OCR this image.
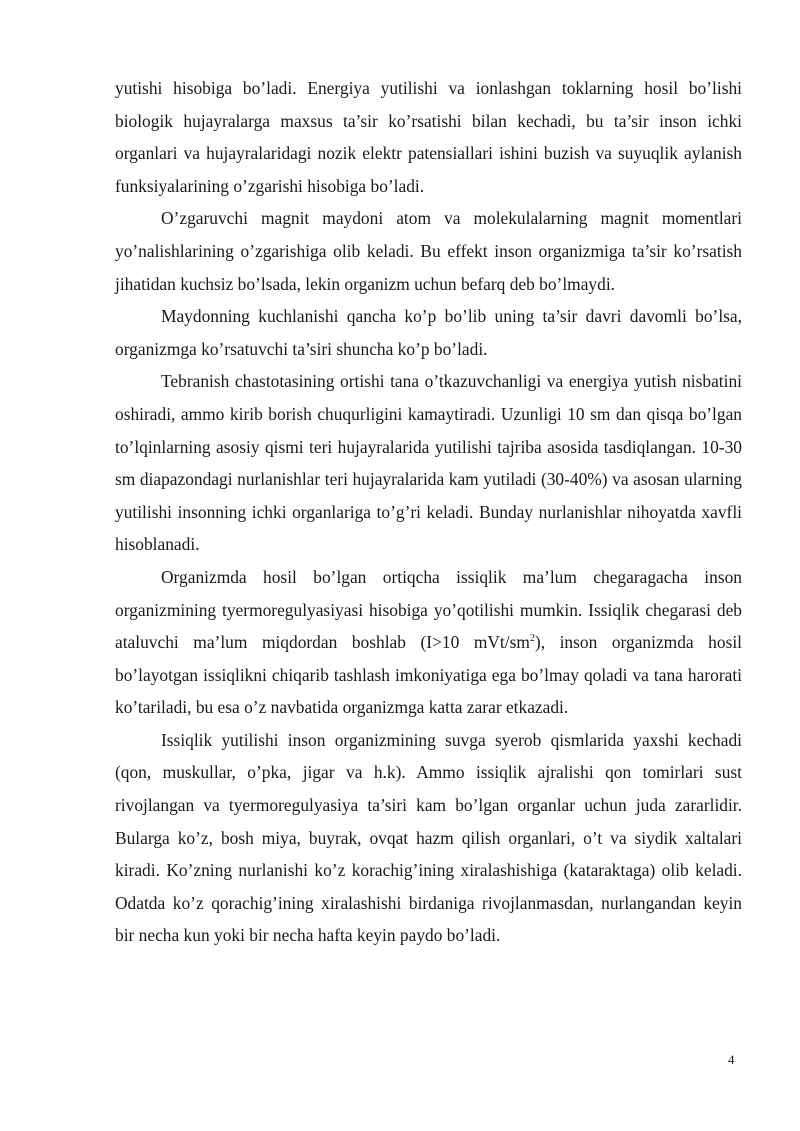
yutishi hisobiga bo’ladi. Energiya yutilishi va ionlashgan toklarning hosil bo’lishi biologik hujayralarga maxsus ta’sir ko’rsatishi bilan kechadi, bu ta’sir inson ichki organlari va hujayralaridagi nozik elektr patensiallari ishini buzish va suyuqlik aylanish funksiyalarining o’zgarishi hisobiga bo’ladi.

O’zgaruvchi magnit maydoni atom va molekulalarning magnit momentlari yo’nalishlarining o’zgarishiga olib keladi. Bu effekt inson organizmiga ta’sir ko’rsatish jihatidan kuchsiz bo’lsada, lekin organizm uchun befarq deb bo’lmaydi.

Maydonning kuchlanishi qancha ko’p bo’lib uning ta’sir davri davomli bo’lsa, organizmga ko’rsatuvchi ta’siri shuncha ko’p bo’ladi.

Tebranish chastotasining ortishi tana o’tkazuvchanligi va energiya yutish nisbatini oshiradi, ammo kirib borish chuqurligini kamaytiradi. Uzunligi 10 sm dan qisqa bo’lgan to’lqinlarning asosiy qismi teri hujayralarida yutilishi tajriba asosida tasdiqlangan. 10-30 sm diapazondagi nurlanishlar teri hujayralarida kam yutiladi (30-40%) va asosan ularning yutilishi insonning ichki organlariga to’g’ri keladi. Bunday nurlanishlar nihoyatda xavfli hisoblanadi.

Organizmda hosil bo’lgan ortiqcha issiqlik ma’lum chegaragacha inson organizmining tyermoregulyasiyasi hisobiga yo’qotilishi mumkin. Issiqlik chegarasi deb ataluvchi ma’lum miqdordan boshlab (I>10 mVt/$sm^2$), inson organizmda hosil bo’layotgan issiqlikni chiqarib tashlash imkoniyatiga ega bo’lmay qoladi va tana harorati ko’tariladi, bu esa o’z navbatida organizmga katta zarar etkazadi.

Issiqlik yutilishi inson organizmining suvga syerob qismlarida yaxshi kechadi (qon, muskullar, o’pka, jigar va h.k). Ammo issiqlik ajralishi qon tomirlari sust rivojlangan va tyermoregulyasiya ta’siri kam bo’lgan organlar uchun juda zararlidir. Bularga ko’z, bosh miya, buyrak, ovqat hazm qilish organlari, o’t va siydik xaltalari kiradi. Ko’zning nurlanishi ko’z korachig’ining xiralashishiga (kataraktaga) olib keladi. Odatda ko’z qorachig’ining xiralashishi birdaniga rivojlanmasdan, nurlangandan keyin bir necha kun yoki bir necha hafta keyin paydo bo’ladi.

4
